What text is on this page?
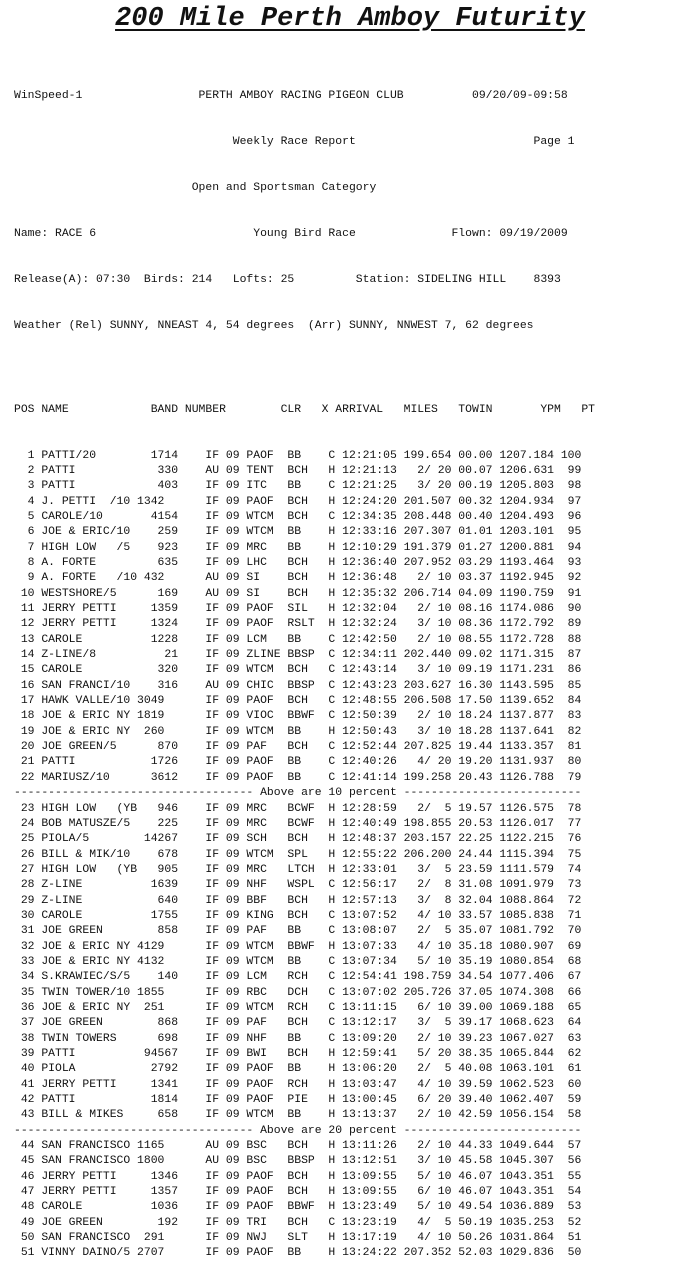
200 Mile Perth Amboy Futurity

WinSpeed-1                 PERTH AMBOY RACING PIGEON CLUB          09/20/09-09:58

Weekly Race Report                          Page 1

Open and Sportsman Category

Name: RACE 6                       Young Bird Race              Flown: 09/19/2009

Release(A): 07:30  Birds: 214   Lofts: 25         Station: SIDELING HILL    8393

Weather (Rel) SUNNY, NNEAST 4, 54 degrees  (Arr) SUNNY, NNWEST 7, 62 degrees

POS NAME            BAND NUMBER        CLR   X ARRIVAL   MILES   TOWIN       YPM   PT

1 PATTI/20        1714    IF 09 PAOF  BB    C 12:21:05 199.654 00.00 1207.184 100
2 PATTI            330    AU 09 TENT  BCH   H 12:21:13   2/ 20 00.07 1206.631  99
3 PATTI            403    IF 09 ITC   BB    C 12:21:25   3/ 20 00.19 1205.803  98
4 J. PETTI  /10 1342      IF 09 PAOF  BCH   H 12:24:20 201.507 00.32 1204.934  97
5 CAROLE/10       4154    IF 09 WTCM  BCH   C 12:34:35 208.448 00.40 1204.493  96
6 JOE & ERIC/10    259    IF 09 WTCM  BB    H 12:33:16 207.307 01.01 1203.101  95
7 HIGH LOW   /5    923    IF 09 MRC   BB    H 12:10:29 191.379 01.27 1200.881  94
8 A. FORTE         635    IF 09 LHC   BCH   H 12:36:40 207.952 03.29 1193.464  93
9 A. FORTE   /10 432      AU 09 SI    BCH   H 12:36:48   2/ 10 03.37 1192.945  92
10 WESTSHORE/5      169    AU 09 SI    BCH   H 12:35:32 206.714 04.09 1190.759  91
11 JERRY PETTI     1359    IF 09 PAOF  SIL   H 12:32:04   2/ 10 08.16 1174.086  90
12 JERRY PETTI     1324    IF 09 PAOF  RSLT  H 12:32:24   3/ 10 08.36 1172.792  89
13 CAROLE          1228    IF 09 LCM   BB    C 12:42:50   2/ 10 08.55 1172.728  88
14 Z-LINE/8          21    IF 09 ZLINE BBSP  C 12:34:11 202.440 09.02 1171.315  87
15 CAROLE           320    IF 09 WTCM  BCH   C 12:43:14   3/ 10 09.19 1171.231  86
16 SAN FRANCI/10    316    AU 09 CHIC  BBSP  C 12:43:23 203.627 16.30 1143.595  85
17 HAWK VALLE/10 3049      IF 09 PAOF  BCH   C 12:48:55 206.508 17.50 1139.652  84
18 JOE & ERIC NY 1819      IF 09 VIOC  BBWF  C 12:50:39   2/ 10 18.24 1137.877  83
19 JOE & ERIC NY  260      IF 09 WTCM  BB    H 12:50:43   3/ 10 18.28 1137.641  82
20 JOE GREEN/5      870    IF 09 PAF   BCH   C 12:52:44 207.825 19.44 1133.357  81
21 PATTI           1726    IF 09 PAOF  BB    C 12:40:26   4/ 20 19.20 1131.937  80
22 MARIUSZ/10      3612    IF 09 PAOF  BB    C 12:41:14 199.258 20.43 1126.788  79
----------------------------------- Above are 10 percent --------------------------
23 HIGH LOW   (YB   946    IF 09 MRC   BCWF  H 12:28:59   2/  5 19.57 1126.575  78
24 BOB MATUSZE/5    225    IF 09 MRC   BCWF  H 12:40:49 198.855 20.53 1126.017  77
25 PIOLA/5        14267    IF 09 SCH   BCH   H 12:48:37 203.157 22.25 1122.215  76
26 BILL & MIK/10    678    IF 09 WTCM  SPL   H 12:55:22 206.200 24.44 1115.394  75
27 HIGH LOW   (YB   905    IF 09 MRC   LTCH  H 12:33:01   3/  5 23.59 1111.579  74
28 Z-LINE          1639    IF 09 NHF   WSPL  C 12:56:17   2/  8 31.08 1091.979  73
29 Z-LINE           640    IF 09 BBF   BCH   H 12:57:13   3/  8 32.04 1088.864  72
30 CAROLE          1755    IF 09 KING  BCH   C 13:07:52   4/ 10 33.57 1085.838  71
31 JOE GREEN        858    IF 09 PAF   BB    C 13:08:07   2/  5 35.07 1081.792  70
32 JOE & ERIC NY 4129      IF 09 WTCM  BBWF  H 13:07:33   4/ 10 35.18 1080.907  69
33 JOE & ERIC NY 4132      IF 09 WTCM  BB    C 13:07:34   5/ 10 35.19 1080.854  68
34 S.KRAWIEC/S/5    140    IF 09 LCM   RCH   C 12:54:41 198.759 34.54 1077.406  67
35 TWIN TOWER/10 1855      IF 09 RBC   DCH   C 13:07:02 205.726 37.05 1074.308  66
36 JOE & ERIC NY  251      IF 09 WTCM  RCH   C 13:11:15   6/ 10 39.00 1069.188  65
37 JOE GREEN        868    IF 09 PAF   BCH   C 13:12:17   3/  5 39.17 1068.623  64
38 TWIN TOWERS      698    IF 09 NHF   BB    C 13:09:20   2/ 10 39.23 1067.027  63
39 PATTI          94567    IF 09 BWI   BCH   H 12:59:41   5/ 20 38.35 1065.844  62
40 PIOLA           2792    IF 09 PAOF  BB    H 13:06:20   2/  5 40.08 1063.101  61
41 JERRY PETTI     1341    IF 09 PAOF  RCH   H 13:03:47   4/ 10 39.59 1062.523  60
42 PATTI           1814    IF 09 PAOF  PIE   H 13:00:45   6/ 20 39.40 1062.407  59
43 BILL & MIKES     658    IF 09 WTCM  BB    H 13:13:37   2/ 10 42.59 1056.154  58
----------------------------------- Above are 20 percent --------------------------
44 SAN FRANCISCO 1165      AU 09 BSC   BCH   H 13:11:26   2/ 10 44.33 1049.644  57
45 SAN FRANCISCO 1800      AU 09 BSC   BBSP  H 13:12:51   3/ 10 45.58 1045.307  56
46 JERRY PETTI     1346    IF 09 PAOF  BCH   H 13:09:55   5/ 10 46.07 1043.351  55
47 JERRY PETTI     1357    IF 09 PAOF  BCH   H 13:09:55   6/ 10 46.07 1043.351  54
48 CAROLE          1036    IF 09 PAOF  BBWF  H 13:23:49   5/ 10 49.54 1036.889  53
49 JOE GREEN        192    IF 09 TRI   BCH   C 13:23:19   4/  5 50.19 1035.253  52
50 SAN FRANCISCO  291      IF 09 NWJ   SLT   H 13:17:19   4/ 10 50.26 1031.864  51
51 VINNY DAINO/5 2707      IF 09 PAOF  BB    H 13:24:22 207.352 52.03 1029.836  50
